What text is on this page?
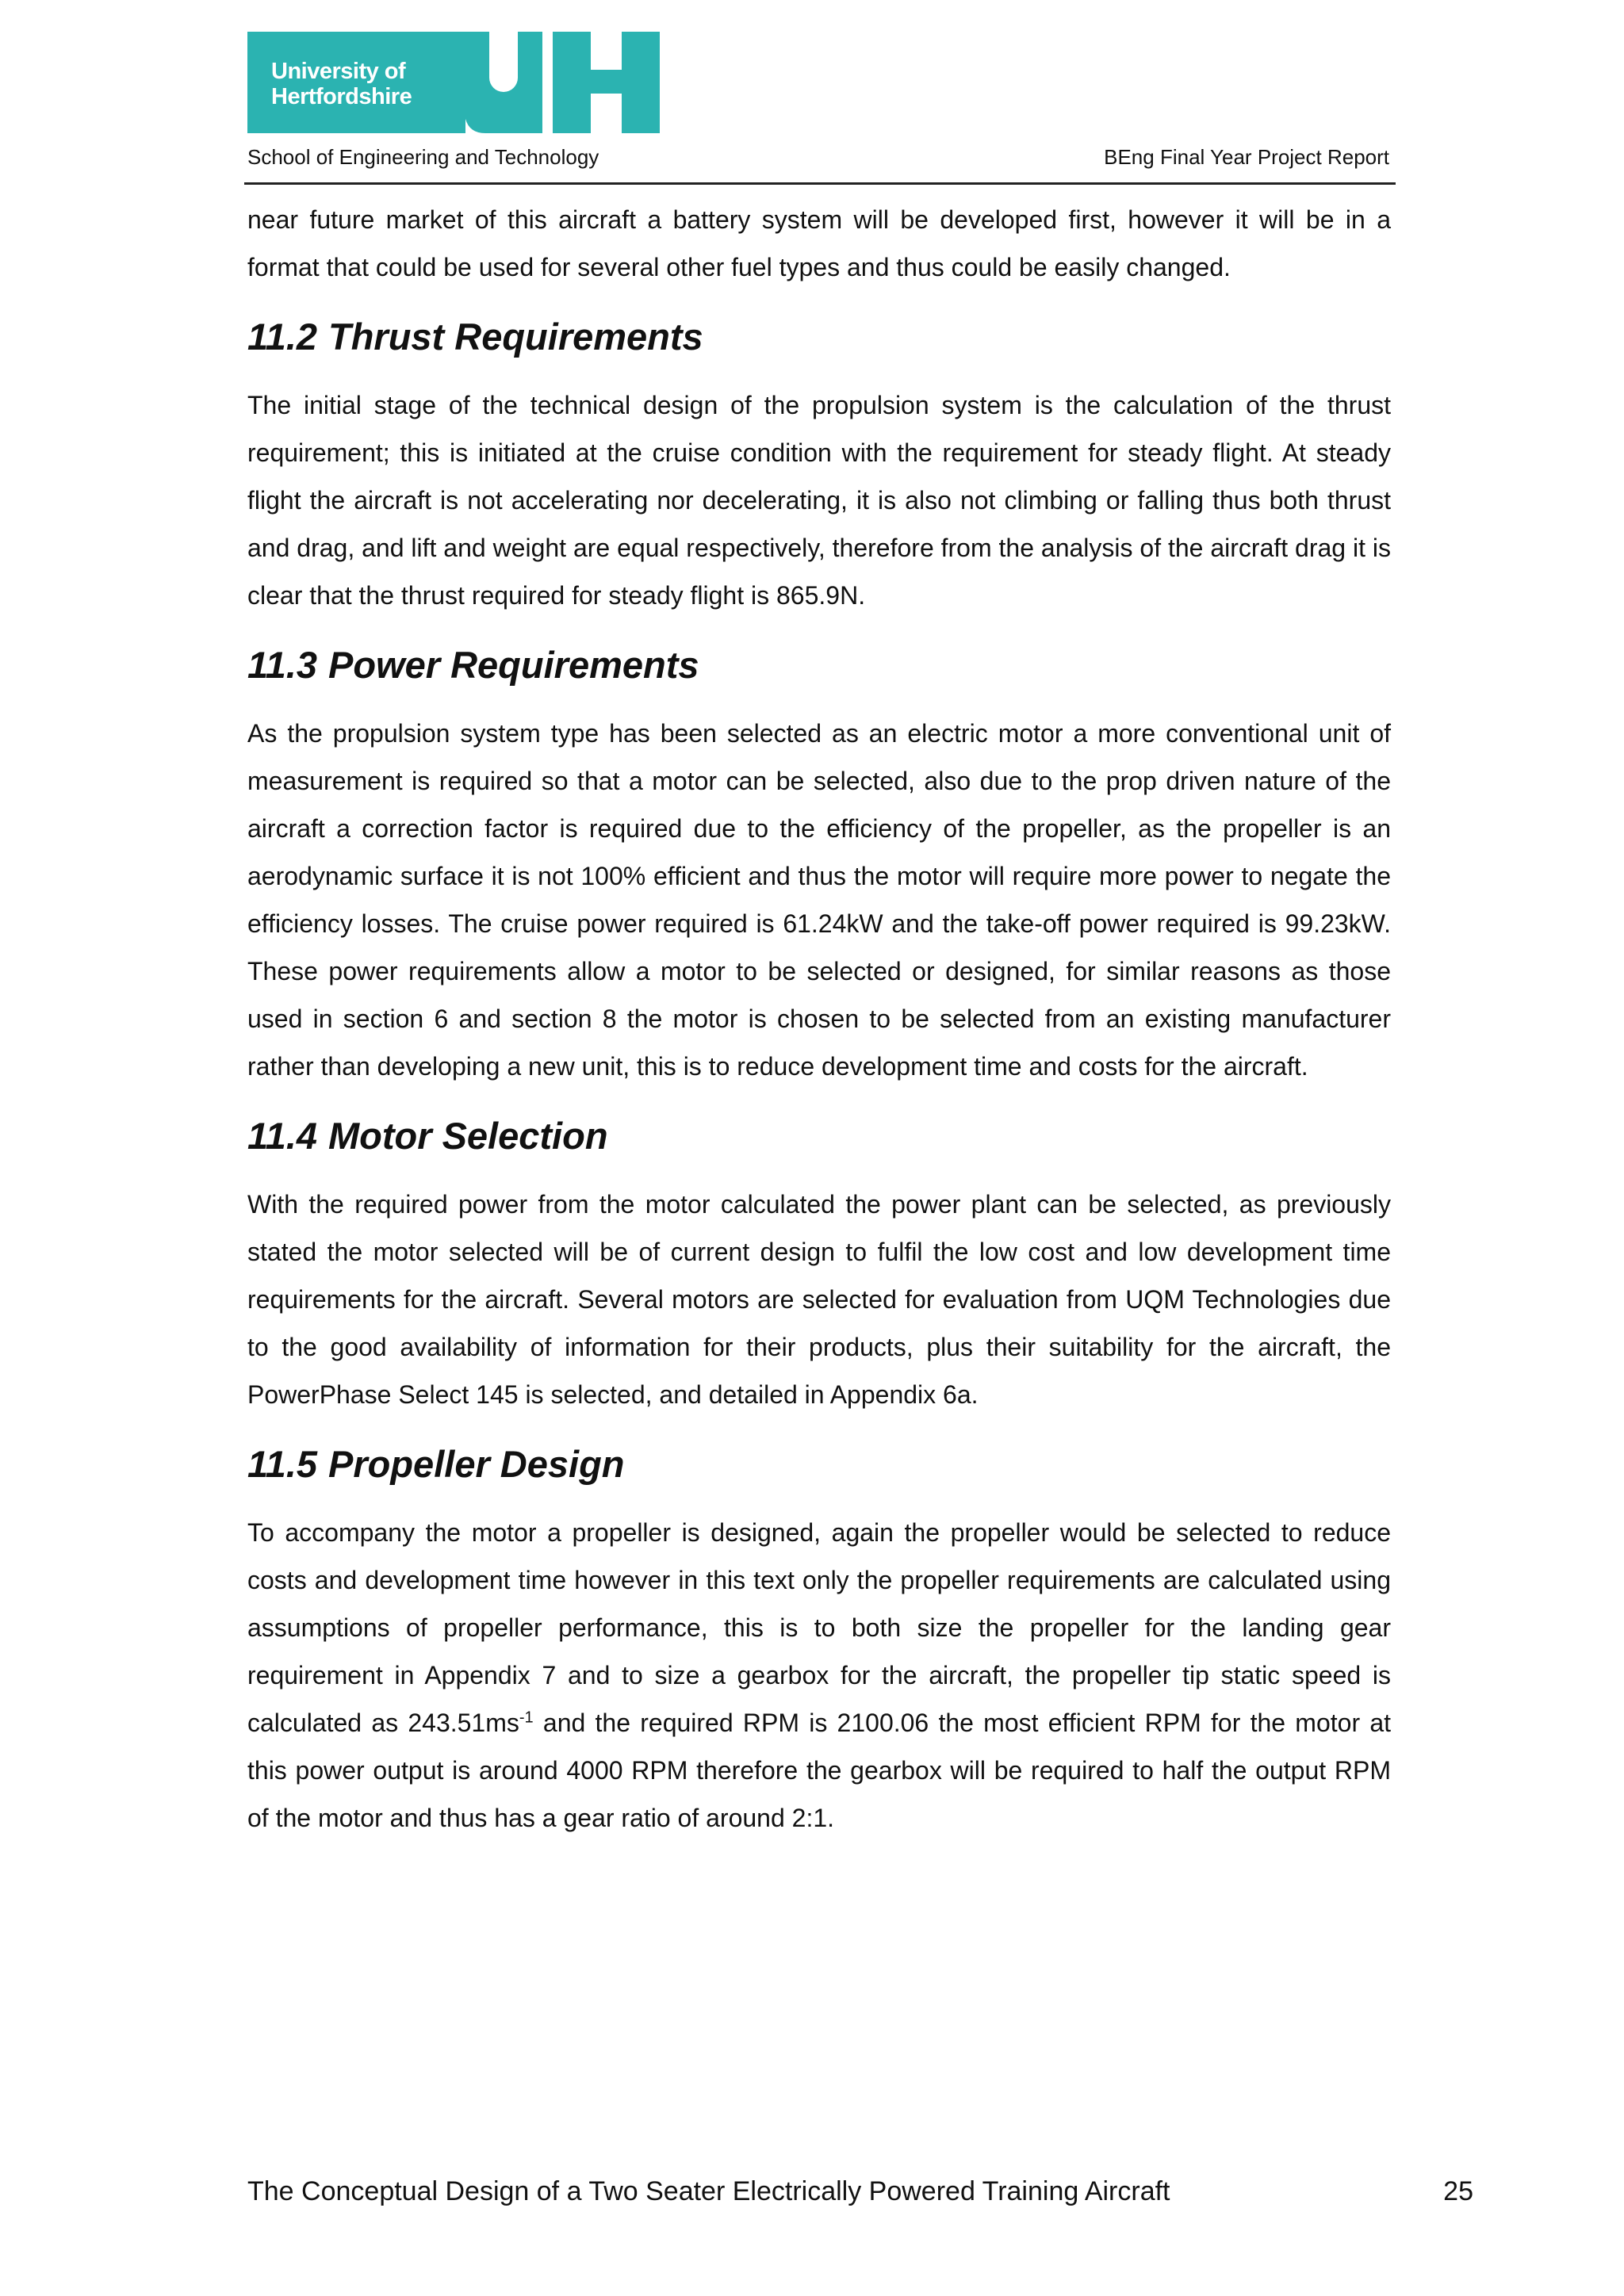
University of
Hertfordshire
School of Engineering and Technology	BEng Final Year Project Report

near future market of this aircraft a battery system will be developed first, however it will be in a format that could be used for several other fuel types and thus could be easily changed.

11.2 Thrust Requirements

The initial stage of the technical design of the propulsion system is the calculation of the thrust requirement; this is initiated at the cruise condition with the requirement for steady flight. At steady flight the aircraft is not accelerating nor decelerating, it is also not climbing or falling thus both thrust and drag, and lift and weight are equal respectively, therefore from the analysis of the aircraft drag it is clear that the thrust required for steady flight is 865.9N.

11.3 Power Requirements

As the propulsion system type has been selected as an electric motor a more conventional unit of measurement is required so that a motor can be selected, also due to the prop driven nature of the aircraft a correction factor is required due to the efficiency of the propeller, as the propeller is an aerodynamic surface it is not 100% efficient and thus the motor will require more power to negate the efficiency losses. The cruise power required is 61.24kW and the take-off power required is 99.23kW. These power requirements allow a motor to be selected or designed, for similar reasons as those used in section 6 and section 8 the motor is chosen to be selected from an existing manufacturer rather than developing a new unit, this is to reduce development time and costs for the aircraft.

11.4 Motor Selection

With the required power from the motor calculated the power plant can be selected, as previously stated the motor selected will be of current design to fulfil the low cost and low development time requirements for the aircraft. Several motors are selected for evaluation from UQM Technologies due to the good availability of information for their products, plus their suitability for the aircraft, the PowerPhase Select 145 is selected, and detailed in Appendix 6a.

11.5 Propeller Design

To accompany the motor a propeller is designed, again the propeller would be selected to reduce costs and development time however in this text only the propeller requirements are calculated using assumptions of propeller performance, this is to both size the propeller for the landing gear requirement in Appendix 7 and to size a gearbox for the aircraft, the propeller tip static speed is calculated as $243.51ms^{-1}$ and the required RPM is 2100.06 the most efficient RPM for the motor at this power output is around 4000 RPM therefore the gearbox will be required to half the output RPM of the motor and thus has a gear ratio of around 2:1.

The Conceptual Design of a Two Seater Electrically Powered Training Aircraft	25
